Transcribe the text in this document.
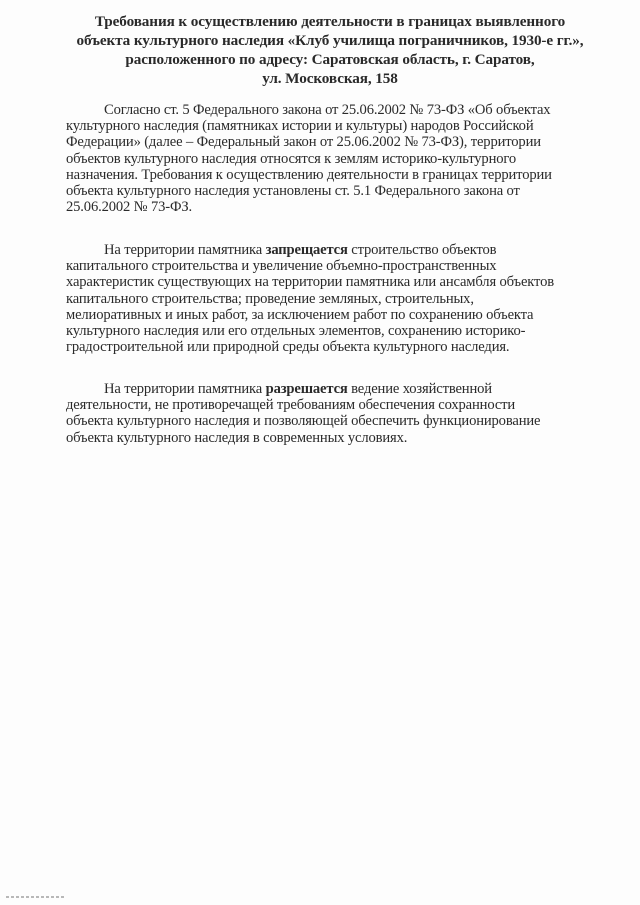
Требования к осуществлению деятельности в границах выявленного
объекта культурного наследия «Клуб училища пограничников, 1930-е гг.»,
расположенного по адресу: Саратовская область, г. Саратов,
ул. Московская, 158
Согласно ст. 5 Федерального закона от 25.06.2002 № 73-ФЗ «Об объектах
культурного наследия (памятниках истории и культуры) народов Российской
Федерации» (далее – Федеральный закон от 25.06.2002 № 73-ФЗ), территории
объектов культурного наследия относятся к землям историко-культурного
назначения. Требования к осуществлению деятельности в границах территории
объекта культурного наследия установлены ст. 5.1 Федерального закона от
25.06.2002 № 73-ФЗ.
На территории памятника запрещается строительство объектов
капитального строительства и увеличение объемно-пространственных
характеристик существующих на территории памятника или ансамбля объектов
капитального строительства; проведение земляных, строительных,
мелиоративных и иных работ, за исключением работ по сохранению объекта
культурного наследия или его отдельных элементов, сохранению историко-
градостроительной или природной среды объекта культурного наследия.
На территории памятника разрешается ведение хозяйственной
деятельности, не противоречащей требованиям обеспечения сохранности
объекта культурного наследия и позволяющей обеспечить функционирование
объекта культурного наследия в современных условиях.
